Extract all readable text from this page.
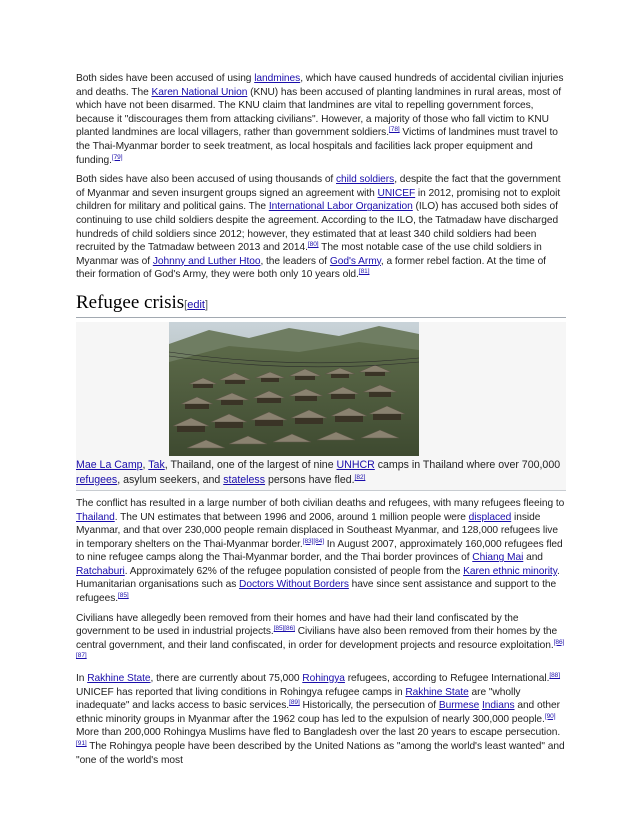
Both sides have been accused of using landmines, which have caused hundreds of accidental civilian injuries and deaths. The Karen National Union (KNU) has been accused of planting landmines in rural areas, most of which have not been disarmed. The KNU claim that landmines are vital to repelling government forces, because it "discourages them from attacking civilians". However, a majority of those who fall victim to KNU planted landmines are local villagers, rather than government soldiers.[78] Victims of landmines must travel to the Thai-Myanmar border to seek treatment, as local hospitals and facilities lack proper equipment and funding.[79]

Both sides have also been accused of using thousands of child soldiers, despite the fact that the government of Myanmar and seven insurgent groups signed an agreement with UNICEF in 2012, promising not to exploit children for military and political gains. The International Labor Organization (ILO) has accused both sides of continuing to use child soldiers despite the agreement. According to the ILO, the Tatmadaw have discharged hundreds of child soldiers since 2012; however, they estimated that at least 340 child soldiers had been recruited by the Tatmadaw between 2013 and 2014.[80] The most notable case of the use child soldiers in Myanmar was of Johnny and Luther Htoo, the leaders of God's Army, a former rebel faction. At the time of their formation of God's Army, they were both only 10 years old.[81]

Refugee crisis[edit]
Mae La Camp, Tak, Thailand, one of the largest of nine UNHCR camps in Thailand where over 700,000 refugees, asylum seekers, and stateless persons have fled.[82]

The conflict has resulted in a large number of both civilian deaths and refugees, with many refugees fleeing to Thailand. The UN estimates that between 1996 and 2006, around 1 million people were displaced inside Myanmar, and that over 230,000 people remain displaced in Southeast Myanmar, and 128,000 refugees live in temporary shelters on the Thai-Myanmar border.[83][84] In August 2007, approximately 160,000 refugees fled to nine refugee camps along the Thai-Myanmar border, and the Thai border provinces of Chiang Mai and Ratchaburi. Approximately 62% of the refugee population consisted of people from the Karen ethnic minority. Humanitarian organisations such as Doctors Without Borders have since sent assistance and support to the refugees.[85]

Civilians have allegedly been removed from their homes and have had their land confiscated by the government to be used in industrial projects.[85][86] Civilians have also been removed from their homes by the central government, and their land confiscated, in order for development projects and resource exploitation.[86][87]

In Rakhine State, there are currently about 75,000 Rohingya refugees, according to Refugee International.[88] UNICEF has reported that living conditions in Rohingya refugee camps in Rakhine State are "wholly inadequate" and lacks access to basic services.[89] Historically, the persecution of Burmese Indians and other ethnic minority groups in Myanmar after the 1962 coup has led to the expulsion of nearly 300,000 people.[90] More than 200,000 Rohingya Muslims have fled to Bangladesh over the last 20 years to escape persecution.[91] The Rohingya people have been described by the United Nations as "among the world's least wanted" and "one of the world's most
